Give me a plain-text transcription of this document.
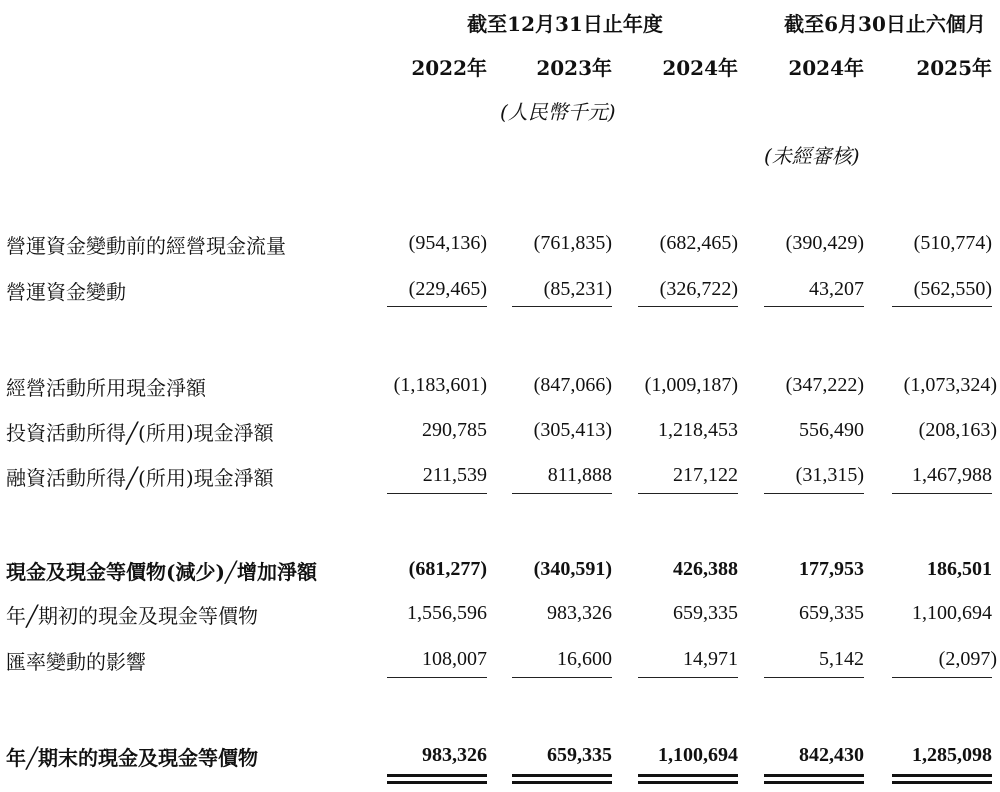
截至12月31日止年度	截至6月30日止六個月
2022年	2023年	2024年	2024年	2025年
(人民幣千元)
(未經審核)
營運資金變動前的經營現金流量	(954,136)	(761,835)	(682,465)	(390,429)	(510,774)
營運資金變動	(229,465)	(85,231)	(326,722)	43,207	(562,550)
經營活動所用現金淨額	(1,183,601)	(847,066)	(1,009,187)	(347,222)	(1,073,324)
投資活動所得╱(所用)現金淨額	290,785	(305,413)	1,218,453	556,490	(208,163)
融資活動所得╱(所用)現金淨額	211,539	811,888	217,122	(31,315)	1,467,988
現金及現金等價物(減少)╱增加淨額	(681,277)	(340,591)	426,388	177,953	186,501
年╱期初的現金及現金等價物	1,556,596	983,326	659,335	659,335	1,100,694
匯率變動的影響	108,007	16,600	14,971	5,142	(2,097)
年╱期末的現金及現金等價物	983,326	659,335	1,100,694	842,430	1,285,098
